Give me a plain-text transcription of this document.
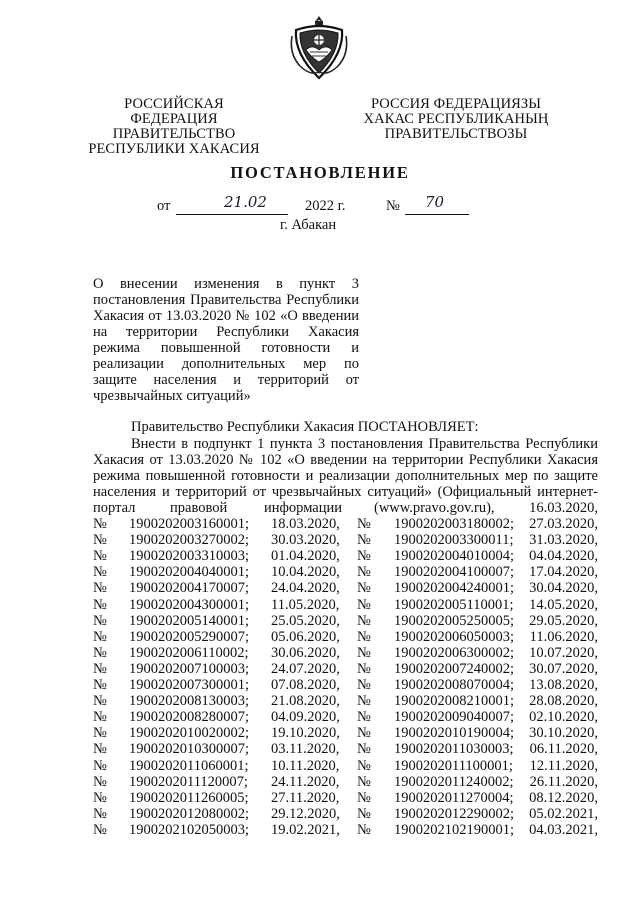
РОССИЙСКАЯ ФЕДЕРАЦИЯ
ПРАВИТЕЛЬСТВО
РЕСПУБЛИКИ ХАКАСИЯ
РОССИЯ ФЕДЕРАЦИЯЗЫ
ХАКАС РЕСПУБЛИКАНЫҢ
ПРАВИТЕЛЬСТВОЗЫ
ПОСТАНОВЛЕНИЕ
от	21.02	2022 г.	№ 70
г. Абакан

О внесении изменения в пункт 3 постановления Правительства Республики Хакасия от 13.03.2020 № 102 «О введении на территории Республики Хакасия режима повышенной готовности и реализации дополнительных мер по защите населения и территорий от чрезвычайных ситуаций»

Правительство Республики Хакасия ПОСТАНОВЛЯЕТ:
Внести в подпункт 1 пункта 3 постановления Правительства Республики
Хакасия от 13.03.2020 № 102 «О введении на территории Республики Хакасия
режима повышенной готовности и реализации дополнительных мер по защите
населения и территорий от чрезвычайных ситуаций» (Официальный интернет-
портал правовой	информации (www.pravo.gov.ru), 16.03.2020,
№ 1900202003160001; 18.03.2020, № 1900202003180002; 27.03.2020,
№ 1900202003270002; 30.03.2020, № 1900202003300011; 31.03.2020,
№ 1900202003310003; 01.04.2020, № 1900202004010004; 04.04.2020,
№ 1900202004040001; 10.04.2020, № 1900202004100007; 17.04.2020,
№ 1900202004170007; 24.04.2020, № 1900202004240001; 30.04.2020,
№ 1900202004300001; 11.05.2020, № 1900202005110001; 14.05.2020,
№ 1900202005140001; 25.05.2020, № 1900202005250005; 29.05.2020,
№ 1900202005290007; 05.06.2020, № 1900202006050003; 11.06.2020,
№ 1900202006110002; 30.06.2020, № 1900202006300002; 10.07.2020,
№ 1900202007100003; 24.07.2020, № 1900202007240002; 30.07.2020,
№ 1900202007300001; 07.08.2020, № 1900202008070004; 13.08.2020,
№ 1900202008130003; 21.08.2020, № 1900202008210001; 28.08.2020,
№ 1900202008280007; 04.09.2020, № 1900202009040007; 02.10.2020,
№ 1900202010020002; 19.10.2020, № 1900202010190004; 30.10.2020,
№ 1900202010300007; 03.11.2020, № 1900202011030003; 06.11.2020,
№ 1900202011060001; 10.11.2020, № 1900202011100001; 12.11.2020,
№ 1900202011120007; 24.11.2020, № 1900202011240002; 26.11.2020,
№ 1900202011260005; 27.11.2020, № 1900202011270004; 08.12.2020,
№ 1900202012080002; 29.12.2020, № 1900202012290002; 05.02.2021,
№ 1900202102050003; 19.02.2021, № 1900202102190001; 04.03.2021,
